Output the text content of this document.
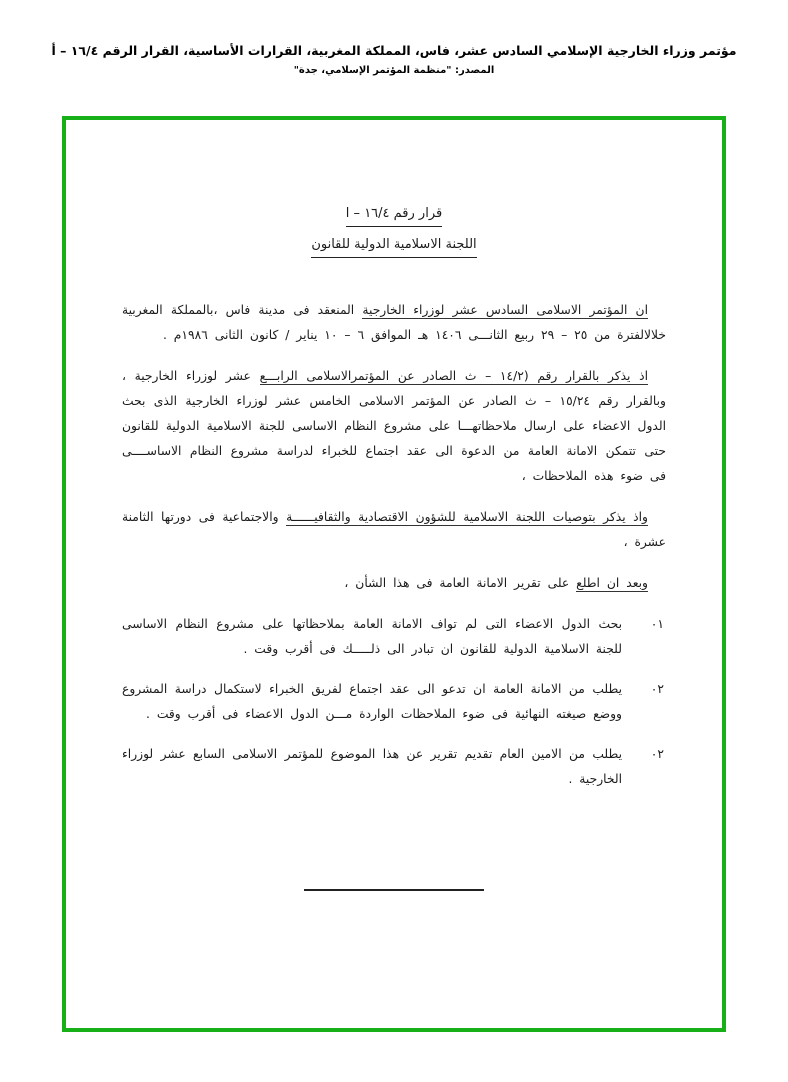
مؤتمر وزراء الخارجية الإسلامي السادس عشر، فاس، المملكة المغربية، القرارات الأساسية، القرار الرقم ١٦/٤ – أ
المصدر: "منظمة المؤتمر الإسلامي، جدة"
قرار رقم ١٦/٤ – ا
اللجنة الاسلامية الدولية للقانون
ان المؤتمر الاسلامى السادس عشر لوزراء الخارجية المنعقد فى مدينة فاس ،بالمملكة المغربية خلالالفترة من ٢٥ – ٢٩ ربيع الثانـــى ١٤٠٦ هـ الموافق ٦ – ١٠ يناير / كانون الثانى ١٩٨٦م .
اذ يذكر بالقرار رقم (١٤/٢ – ث الصادر عن المؤتمرالاسلامى الرابـــع عشر لوزراء الخارجية ، وبالقرار رقم ١٥/٢٤ – ث الصادر عن المؤتمر الاسلامى الخامس عشر لوزراء الخارجية الذى بحث الدول الاعضاء على ارسال ملاحظاتهـــا على مشروع النظام الاساسى للجنة الاسلامية الدولية للقانون حتى تتمكن الامانة العامة من الدعوة الى عقد اجتماع للخبراء لدراسة مشروع النظام الاساســــى فى ضوء هذه الملاحظات ،
واذ يذكر بتوصيات اللجنة الاسلامية للشؤون الاقتصادية والثقافيــــــة والاجتماعية فى دورتها الثامنة عشرة ،
وبعد ان اطلع على تقرير الامانة العامة فى هذا الشأن ،
٠١
بحث الدول الاعضاء التى لم تواف الامانة العامة بملاحظاتها على مشروع النظام الاساسى للجنة الاسلامية الدولية للقانون ان تبادر الى ذلـــــك فى أقرب وقت .
٠٢
يطلب من الامانة العامة ان تدعو الى عقد اجتماع لفريق الخبراء لاستكمال دراسة المشروع ووضع صيغته النهائية فى ضوء الملاحظات الواردة مـــن الدول الاعضاء فى أقرب وقت .
٠٢
يطلب من الامين العام تقديم تقرير عن هذا الموضوع للمؤتمر الاسلامى السابع عشر لوزراء الخارجية .
